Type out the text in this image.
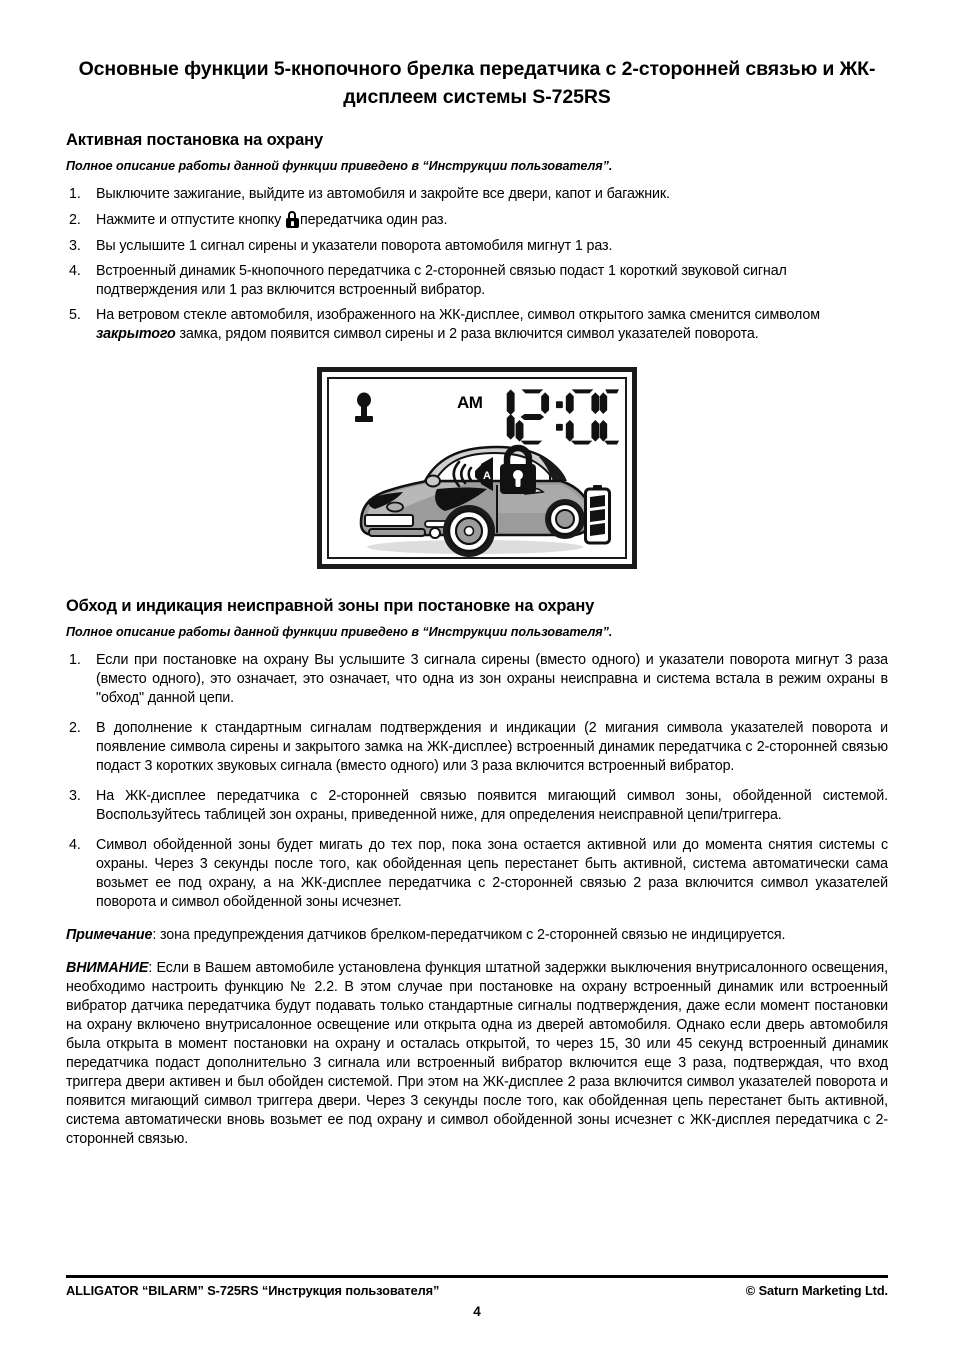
Основные функции 5-кнопочного брелка передатчика с 2-сторонней связью и ЖК-дисплеем системы S-725RS
Активная постановка на охрану

Полное описание работы данной функции приведено в “Инструкции пользователя”.

Выключите зажигание, выйдите из автомобиля и закройте все двери, капот и багажник.
Нажмите и отпустите кнопку
передатчика один раз.
Вы услышите 1 сигнал сирены и указатели поворота автомобиля мигнут 1 раз.
Встроенный динамик 5-кнопочного передатчика с 2-сторонней связью подаст 1 короткий звуковой сигнал подтверждения или 1 раз включится встроенный вибратор.
На ветровом стекле автомобиля, изображенного на ЖК-дисплее, символ открытого замка сменится символом закрытого замка, рядом появится символ сирены и 2 раза включится символ указателей поворота.
AM
A
Обход и индикация неисправной зоны при постановке на охрану

Полное описание работы данной функции приведено в “Инструкции пользователя”.

Если при постановке на охрану Вы услышите 3 сигнала сирены (вместо одного) и указатели поворота мигнут 3 раза (вместо одного), это означает, это означает, что одна из зон охраны неисправна и система встала в режим охраны в "обход" данной цепи.
В дополнение к стандартным сигналам подтверждения и индикации (2 мигания символа указателей поворота и появление символа сирены и закрытого замка на ЖК-дисплее) встроенный динамик передатчика с 2-сторонней связью подаст 3 коротких звуковых сигнала (вместо одного) или 3 раза включится встроенный вибратор.
На ЖК-дисплее передатчика с 2-сторонней связью появится мигающий символ зоны, обойденной системой. Воспользуйтесь таблицей зон охраны, приведенной ниже, для определения неисправной цепи/триггера.
Символ обойденной зоны будет мигать до тех пор, пока зона остается активной или до момента снятия системы с охраны. Через 3 секунды после того, как обойденная цепь перестанет быть активной, система автоматически сама возьмет ее под охрану, а на ЖК-дисплее передатчика с 2-сторонней связью 2 раза включится символ указателей поворота и символ обойденной зоны исчезнет.

Примечание: зона предупреждения датчиков брелком-передатчиком с 2-сторонней связью не индицируется.

ВНИМАНИЕ: Если в Вашем автомобиле установлена функция штатной задержки выключения внутрисалонного освещения, необходимо настроить функцию № 2.2. В этом случае при постановке на охрану встроенный динамик или встроенный вибратор датчика передатчика будут подавать только стандартные сигналы подтверждения, даже если момент постановки на охрану включено внутрисалонное освещение или открыта одна из дверей автомобиля. Однако если дверь автомобиля была открыта в момент постановки на охрану и осталась открытой, то через 15, 30 или 45 секунд встроенный динамик передатчика подаст дополнительно 3 сигнала или встроенный вибратор включится еще 3 раза, подтверждая, что вход триггера двери активен и был обойден системой. При этом на ЖК-дисплее 2 раза включится символ указателей поворота и появится мигающий символ триггера двери. Через 3 секунды после того, как обойденная цепь перестанет быть активной, система автоматически вновь возьмет ее под охрану и символ обойденной зоны исчезнет с ЖК-дисплея передатчика с 2-сторонней связью.

ALLIGATOR “BILARM” S-725RS “Инструкция пользователя”	© Saturn Marketing Ltd.
4
